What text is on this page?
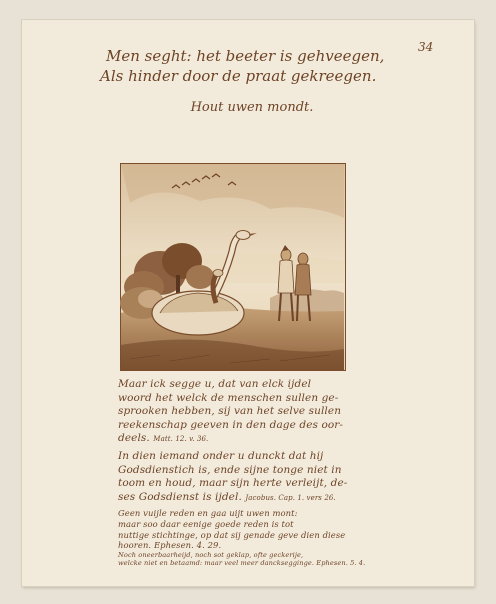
34
Men seght: het beeter is gehveegen,
Als hinder door de praat gekreegen.
Hout uwen mondt.
Maar ick segge u, dat van elck ijdel
woord het welck de menschen sullen ge-
sprooken hebben, sij van het selve sullen
reekenschap geeven in den dage des oor-
deels. Matt. 12. v. 36.
In dien iemand onder u dunckt dat hij
Godsdienstich is, ende sijne tonge niet in
toom en houd, maar sijn herte verleijt, de-
ses Godsdienst is ijdel. Jacobus. Cap. 1. vers 26.
Geen vuijle reden en gaa uijt uwen mont:
maar soo daar eenige goede reden is tot
nuttige stichtinge, op dat sij genade geve dien diese
hooren. Ephesen. 4. 29.
Noch oneerbaarheijd, noch sot geklap, ofte geckerije,
welcke niet en betaamd: maar veel meer dancksegginge. Ephesen. 5. 4.
